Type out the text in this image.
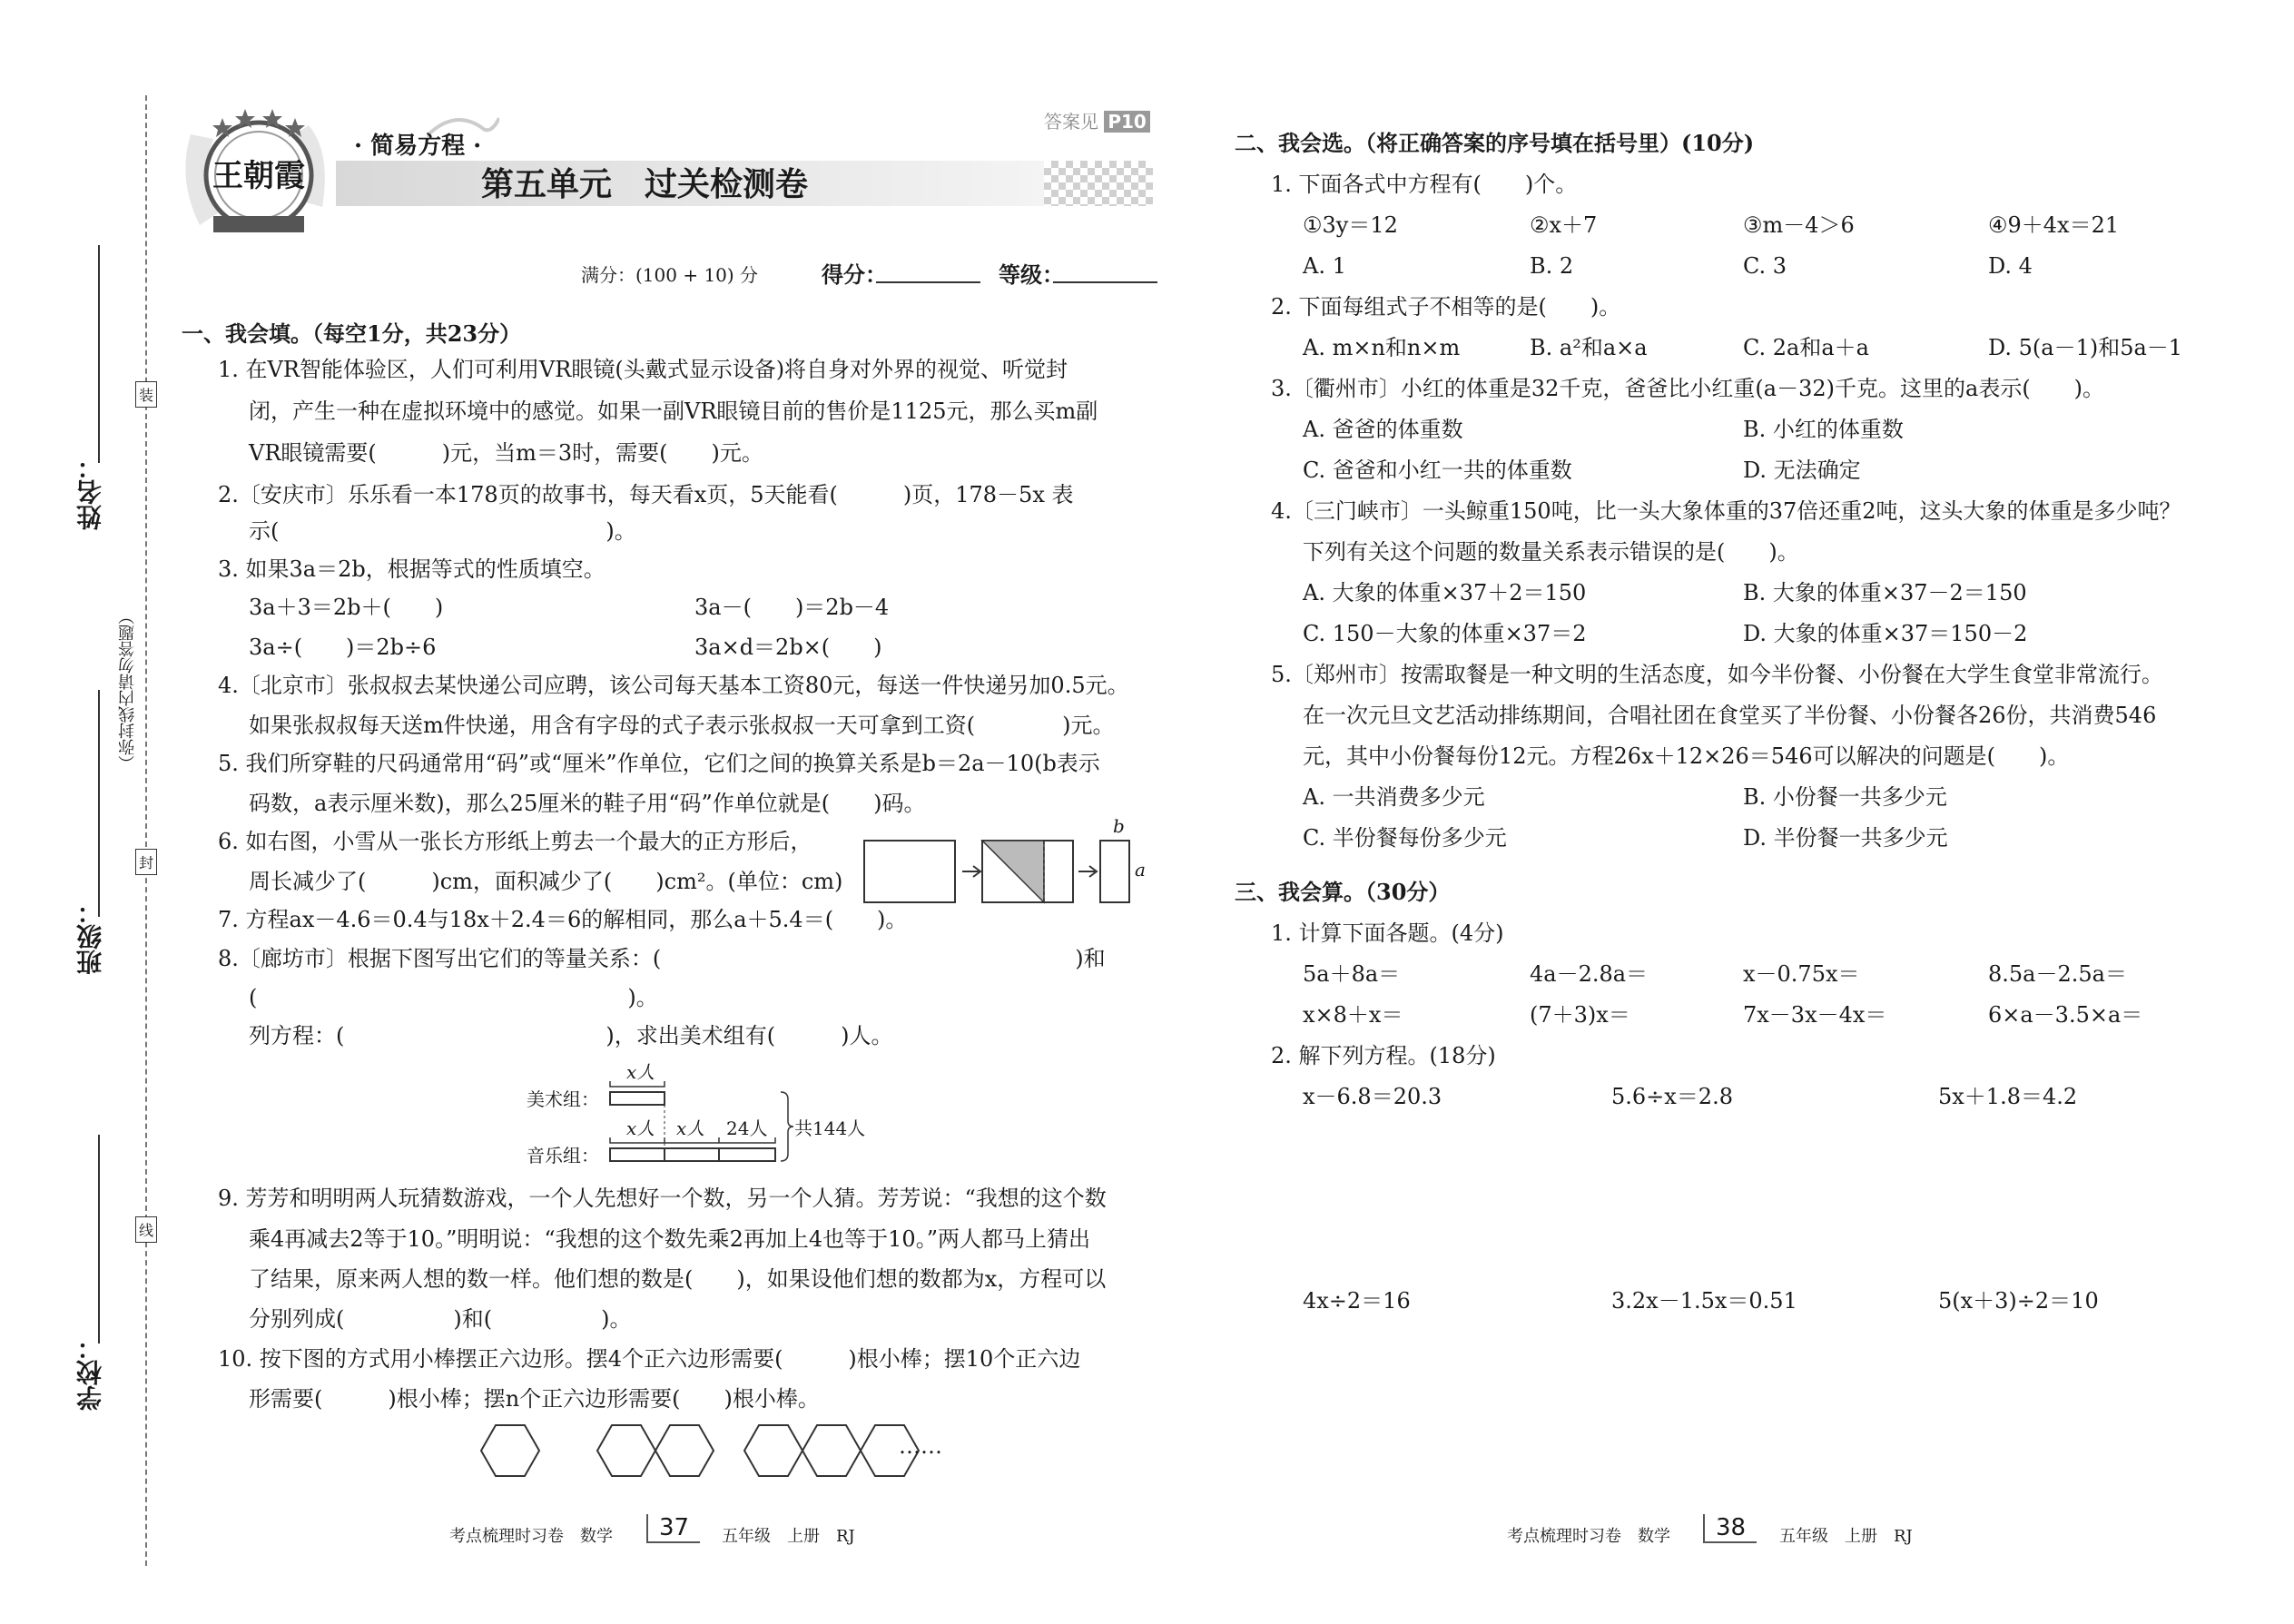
姓名：
班级：
学校：
（弥封线内请勿答题）
装
封
线
王朝霞
· 简易方程 ·
答案见 P10
第五单元　过关检测卷
满分：(100 + 10) 分	得分：	等级：
一、我会填。（每空1分，共23分）
1. 在VR智能体验区，人们可利用VR眼镜(头戴式显示设备)将自身对外界的视觉、听觉封
闭，产生一种在虚拟环境中的感觉。如果一副VR眼镜目前的售价是1125元，那么买m副
VR眼镜需要(　　　)元，当m＝3时，需要(　　)元。
2.〔安庆市〕乐乐看一本178页的故事书，每天看x页，5天能看(　　　)页，178－5x 表
示(　　　　　　　　　　　　　　　)。
3. 如果3a＝2b，根据等式的性质填空。
3a＋3＝2b＋(　　)	3a－(　　)＝2b－4
3a÷(　　)＝2b÷6	3a×d＝2b×(　　)
4.〔北京市〕张叔叔去某快递公司应聘，该公司每天基本工资80元，每送一件快递另加0.5元。
如果张叔叔每天送m件快递，用含有字母的式子表示张叔叔一天可拿到工资(　　　　)元。
5. 我们所穿鞋的尺码通常用“码”或“厘米”作单位，它们之间的换算关系是b＝2a－10(b表示
码数，a表示厘米数)，那么25厘米的鞋子用“码”作单位就是(　　)码。
6. 如右图，小雪从一张长方形纸上剪去一个最大的正方形后，
周长减少了(　　　)cm，面积减少了(　　)cm²。(单位：cm)
b
a
7. 方程ax－4.6＝0.4与18x＋2.4＝6的解相同，那么a＋5.4＝(　　)。
8.〔廊坊市〕根据下图写出它们的等量关系：(　　　　　　　　　　　　　　　　　　　)和
(　　　　　　　　　　　　　　　　　)。
列方程：(　　　　　　　　　　　　)，求出美术组有(　　　)人。
美术组：
音乐组：
x人
x人 x人 24人 共144人
9. 芳芳和明明两人玩猜数游戏，一个人先想好一个数，另一个人猜。芳芳说：“我想的这个数
乘4再减去2等于10。”明明说：“我想的这个数先乘2再加上4也等于10。”两人都马上猜出
了结果，原来两人想的数一样。他们想的数是(　　)，如果设他们想的数都为x，方程可以
分别列成(　　　　　)和(　　　　　)。
10. 按下图的方式用小棒摆正六边形。摆4个正六边形需要(　　　)根小棒；摆10个正六边
形需要(　　　)根小棒；摆n个正六边形需要(　　)根小棒。
……
考点梳理时习卷　数学	37	五年级　上册　RJ
二、我会选。（将正确答案的序号填在括号里）(10分)
1. 下面各式中方程有(　　)个。
①3y＝12	②x＋7	③m－4＞6	④9＋4x＝21
A. 1	B. 2	C. 3	D. 4
2. 下面每组式子不相等的是(　　)。
A. m×n和n×m	B. a²和a×a	C. 2a和a＋a	D. 5(a－1)和5a－1
3.〔衢州市〕小红的体重是32千克，爸爸比小红重(a－32)千克。这里的a表示(　　)。
A. 爸爸的体重数	B. 小红的体重数
C. 爸爸和小红一共的体重数	D. 无法确定
4.〔三门峡市〕一头鲸重150吨，比一头大象体重的37倍还重2吨，这头大象的体重是多少吨？
下列有关这个问题的数量关系表示错误的是(　　)。
A. 大象的体重×37＋2＝150	B. 大象的体重×37－2＝150
C. 150－大象的体重×37＝2	D. 大象的体重×37＝150－2
5.〔郑州市〕按需取餐是一种文明的生活态度，如今半份餐、小份餐在大学生食堂非常流行。
在一次元旦文艺活动排练期间，合唱社团在食堂买了半份餐、小份餐各26份，共消费546
元，其中小份餐每份12元。方程26x＋12×26＝546可以解决的问题是(　　)。
A. 一共消费多少元	B. 小份餐一共多少元
C. 半份餐每份多少元	D. 半份餐一共多少元
三、我会算。（30分）
1. 计算下面各题。(4分)
5a＋8a＝	4a－2.8a＝	x－0.75x＝	8.5a－2.5a＝
x×8＋x＝	(7＋3)x＝	7x－3x－4x＝	6×a－3.5×a＝
2. 解下列方程。(18分)
x－6.8＝20.3	5.6÷x＝2.8	5x＋1.8＝4.2
4x÷2＝16	3.2x－1.5x＝0.51	5(x＋3)÷2＝10
考点梳理时习卷　数学	38	五年级　上册　RJ
